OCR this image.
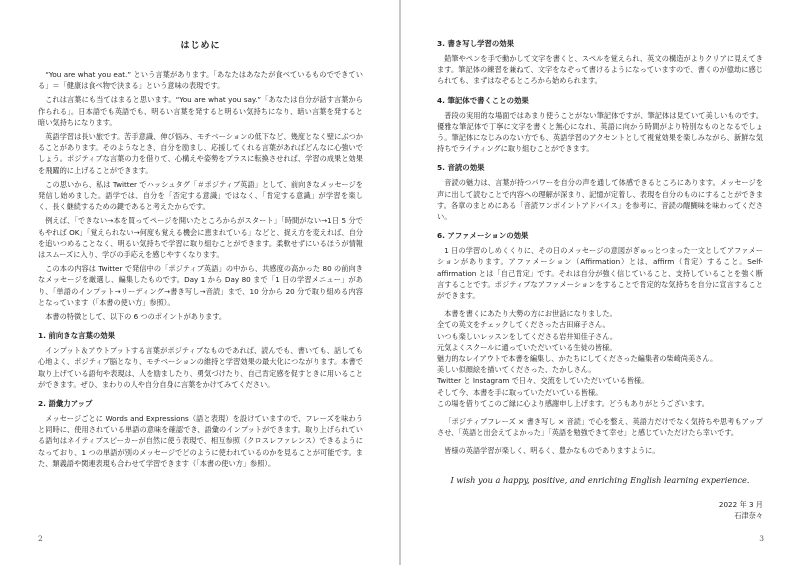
はじめに

“You are what you eat.” という言葉があります。「あなたはあなたが食べているものでできている」＝「健康は食べ物で決まる」という意味の表現です。

これは言葉にも当てはまると思います。“You are what you say.”「あなたは自分が話す言葉から作られる」。日本語でも英語でも、明るい言葉を発すると明るい気持ちになり、暗い言葉を発すると暗い気持ちになります。

英語学習は長い旅です。苦手意識、伸び悩み、モチベーションの低下など、幾度となく壁にぶつかることがあります。そのようなとき、自分を励まし、応援してくれる言葉があればどんなに心強いでしょう。ポジティブな言葉の力を借りて、心構えや姿勢をプラスに転換させれば、学習の成果と効果を飛躍的に上げることができます。

この思いから、私は Twitter でハッシュタグ「＃ポジティブ英語」として、前向きなメッセージを発信し始めました。語学では、自分を「否定する意識」ではなく、「肯定する意識」が学習を楽しく、長く継続するための鍵であると考えたからです。

例えば、「できない→本を買ってページを開いたところからがスタート」「時間がない→1日 5 分でもやれば OK」「覚えられない→何度も覚える機会に恵まれている」などと、捉え方を変えれば、自分を追いつめることなく、明るい気持ちで学習に取り組むことができます。柔軟せずにいるほうが情報はスムーズに入り、学びの手応えを感じやすくなります。

この本の内容は Twitter で発信中の「ポジティブ英語」の中から、共感度の高かった 80 の前向きなメッセージを厳選し、編集したものです。Day 1 から Day 80 まで「1 日の学習メニュー」があり、「単語のインプット→リーディング→書き写し→音読」まで、10 分から 20 分で取り組める内容となっています（「本書の使い方」参照）。

本書の特徴として、以下の 6 つのポイントがあります。

1. 前向きな言葉の効果

インプット＆アウトプットする言葉がポジティブなものであれば、読んでも、書いても、話しても心地よく、ポジティブ脳となり、モチベーションの維持と学習効果の最大化につながります。本書で取り上げている語句や表現は、人を励ましたり、勇気づけたり、自己肯定感を促すときに用いることができます。ぜひ、まわりの人や自分自身に言葉をかけてみてください。

2. 語彙力アップ

メッセージごとに Words and Expressions（語と表現）を設けていますので、フレーズを味わうと同時に、使用されている単語の意味を確認でき、語彙のインプットができます。取り上げられている語句はネイティブスピーカーが自然に使う表現で、相互参照（クロスレファレンス）できるようになっており、1 つの単語が別のメッセージでどのように使われているのかを見ることが可能です。また、類義語や関連表現も合わせて学習できます（「本書の使い方」参照）。

2
3. 書き写し学習の効果

鉛筆やペンを手で動かして文字を書くと、スペルを覚えられ、英文の構造がよりクリアに見えてきます。筆記体の練習を兼ねて、文字をなぞって書けるようになっていますので、書くのが億劫に感じられても、まずはなぞるところから始められます。

4. 筆記体で書くことの効果

普段の実用的な場面ではあまり使うことがない筆記体ですが、筆記体は見ていて美しいものです。優雅な筆記体で丁寧に文字を書くと無心になれ、英語に向かう時間がより特別なものとなるでしょう。筆記体になじみのない方でも、英語学習のアクセントとして視覚効果を楽しみながら、新鮮な気持ちでライティングに取り組むことができます。

5. 音読の効果

音読の魅力は、言葉が持つパワーを自分の声を通して体感できるところにあります。メッセージを声に出して読むことで内容への理解が深まり、記憶が定着し、表現を自分のものにすることができます。各章のまとめにある「音読ワンポイントアドバイス」を参考に、音読の醍醐味を味わってください。

6. アファメーションの効果

1 日の学習のしめくくりに、その日のメッセージの意図がぎゅっとつまった一文としてアファメーションがあります。アファメーション（Affirmation）とは、affirm（肯定）すること。Self-affirmation とは「自己肯定」です。それは自分が強く信じていること、支持していることを強く断言することです。ポジティブなアファメーションをすることで肯定的な気持ちを自分に宣言することができます。

本書を書くにあたり大勢の方にお世話になりました。

全ての英文をチェックしてくださった古田麻子さん。

いつも楽しいレッスンをしてくださる岩井知佳子さん。

元気よくスクールに通っていただいている生徒の皆様。

魅力的なレイアウトで本書を編集し、かたちにしてくださった編集者の柴崎尚美さん。

美しい似顔絵を描いてくださった、たかしさん。

Twitter と Instagram で日々、交流をしていただいている皆様。

そして今、本書を手に取っていただいている皆様。

この場を借りてこのご縁に心より感謝申し上げます。どうもありがとうございます。

「ポジティブフレーズ × 書き写し × 音読」で心を整え、英語力だけでなく気持ちや思考もアップさせ、「英語と出会えてよかった」「英語を勉強できて幸せ」と感じていただけたら幸いです。

皆様の英語学習が楽しく、明るく、豊かなものでありますように。

I wish you a happy, positive, and enriching English learning experience.
2022 年 3 月
石津奈々
3
